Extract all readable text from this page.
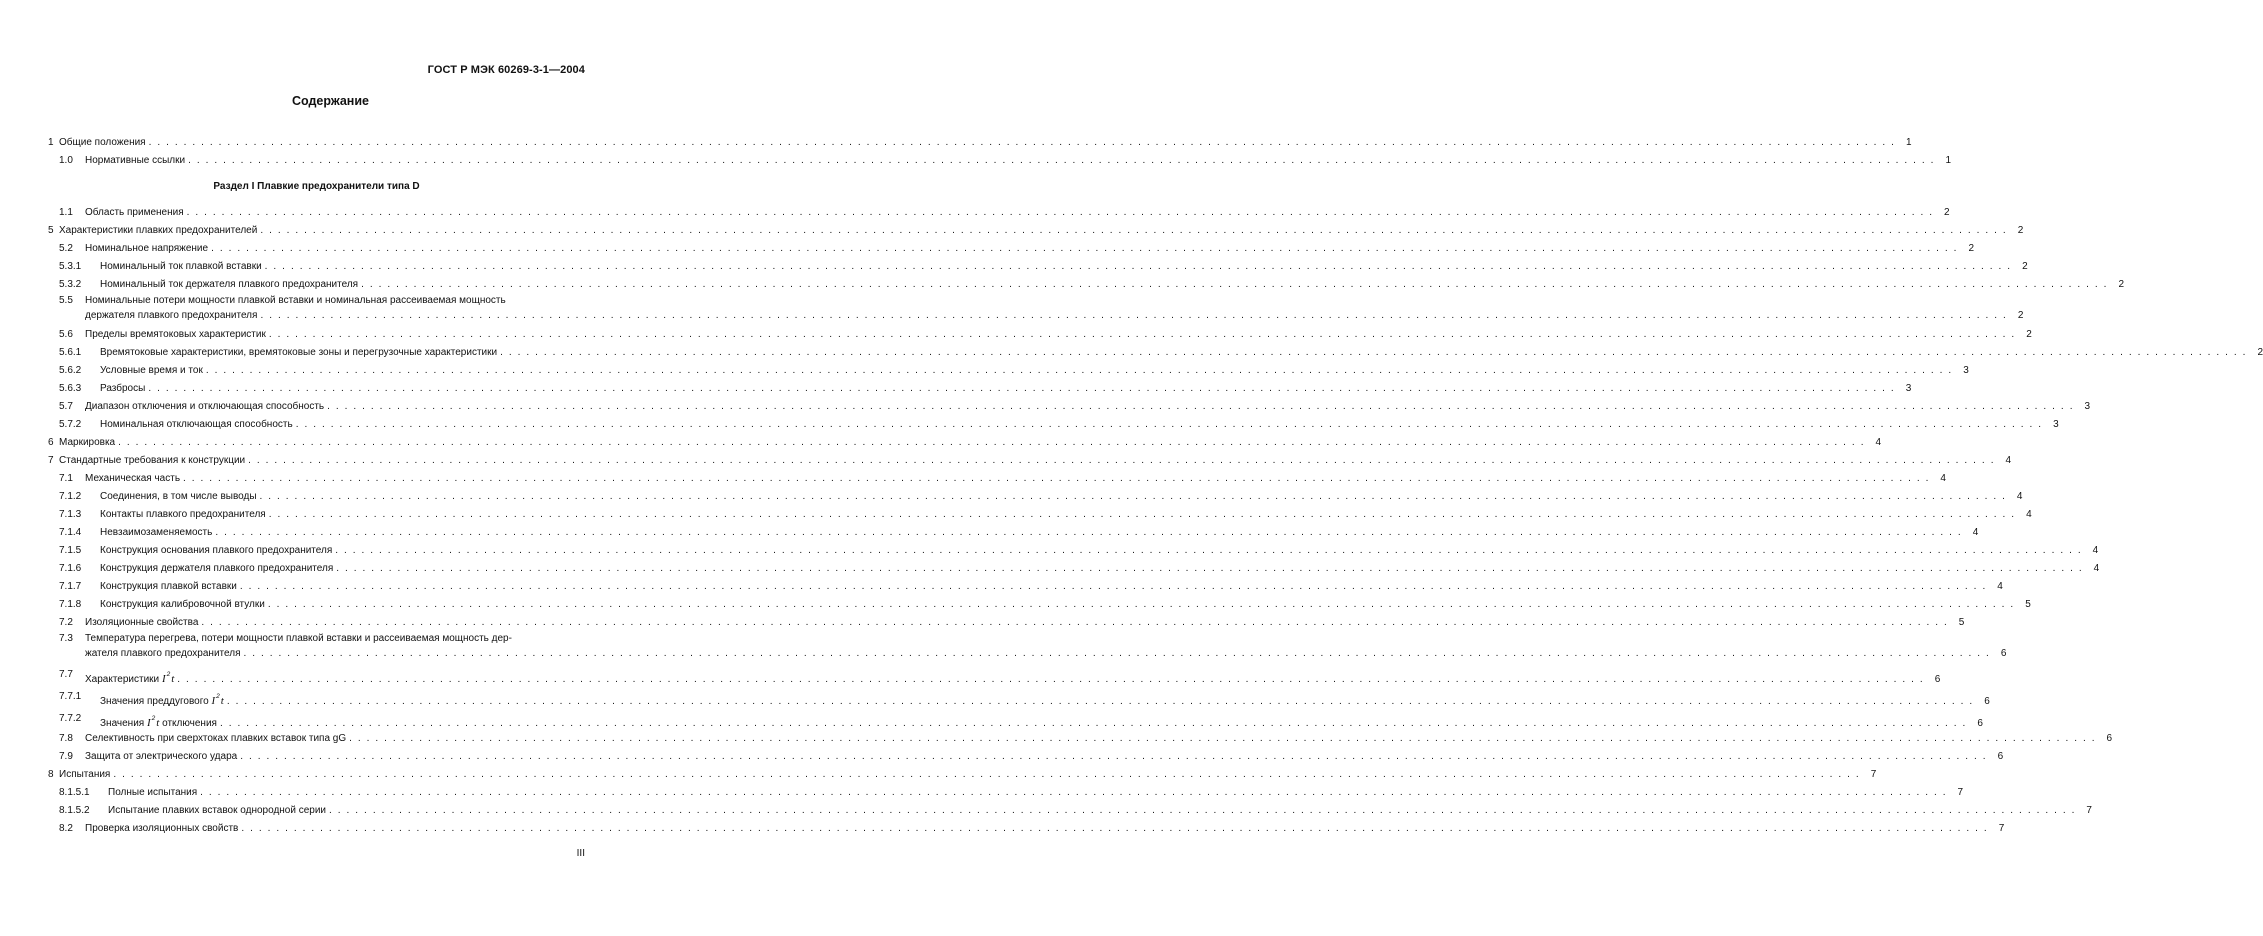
ГОСТ Р МЭК 60269-3-1—2004
Содержание
1 Общие положения . . . . . . . . . . . . . . . . . . . . . . . . . . . . . . . . . . . . . . . . . . . . . . . . . . . . . . . . . . . . . . . . . . . . . . . . . . . . . . . . . . . . . . . . . . . . . . . . . . . . . . . . . . . . . . . . . . . . . . . . . . . . . . . . . . . . . . . . . . . . . . . . . . . . . . . . . . . . . . . . . . . . . . . . . . . . . . . . . . . . . . . . . . . . . . . . . . . . . . . .	1
1.0 Нормативные ссылки . . . . . . . . . . . . . . . . . . . . . . . . . . . . . . . . . . . . . . . . . . . . . . . . . . . . . . . . . . . . . . . . . . . . . . . . . . . . . . . . . . . . . . . . . . . . . . . . . . . . . . . . . . . . . . . . . . . . . . . . . . . . . . . . . . . . . . . . . . . . . . . . . . . . . . . . . . . . . . . . . . . . . . . . . . . . . . . . . . . . . . . . . . . . . . . . . . . . . . . .	1
Раздел I Плавкие предохранители типа D
1.1 Область применения . . . . . . . . . . . . . . . . . . . . . . . . . . . . . . . . . . . . . . . . . . . . . . . . . . . . . . . . . . . . . . . . . . . . . . . . . . . . . . . . . . . . . . . . . . . . . . . . . . . . . . . . . . . . . . . . . . . . . . . . . . . . . . . . . . . . . . . . . . . . . . . . . . . . . . . . . . . . . . . . . . . . . . . . . . . . . . . . . . . . . . . . . . . . . . . . . . . . . . . .	2
5 Характеристики плавких предохранителей . . . . . . . . . . . . . . . . . . . . . . . . . . . . . . . . . . . . . . . . . . . . . . . . . . . . . . . . . . . . . . . . . . . . . . . . . . . . . . . . . . . . . . . . . . . . . . . . . . . . . . . . . . . . . . . . . . . . . . . . . . . . . . . . . . . . . . . . . . . . . . . . . . . . . . . . . . . . . . . . . . . . . . . . . . . . . . . . . . . . . . . . . . . . . . . . . . . . . . . .	2
5.2 Номинальное напряжение . . . . . . . . . . . . . . . . . . . . . . . . . . . . . . . . . . . . . . . . . . . . . . . . . . . . . . . . . . . . . . . . . . . . . . . . . . . . . . . . . . . . . . . . . . . . . . . . . . . . . . . . . . . . . . . . . . . . . . . . . . . . . . . . . . . . . . . . . . . . . . . . . . . . . . . . . . . . . . . . . . . . . . . . . . . . . . . . . . . . . . . . . . . . . . . . . . . . . . . .	2
5.3.1 Номинальный ток плавкой вставки . . . . . . . . . . . . . . . . . . . . . . . . . . . . . . . . . . . . . . . . . . . . . . . . . . . . . . . . . . . . . . . . . . . . . . . . . . . . . . . . . . . . . . . . . . . . . . . . . . . . . . . . . . . . . . . . . . . . . . . . . . . . . . . . . . . . . . . . . . . . . . . . . . . . . . . . . . . . . . . . . . . . . . . . . . . . . . . . . . . . . . . . . . . . . . . . . . . . . . . .	2
5.3.2 Номинальный ток держателя плавкого предохранителя . . . . . . . . . . . . . . . . . . . . . . . . . . . . . . . . . . . . . . . . . . . . . . . . . . . . . . . . . . . . . . . . . . . . . . . . . . . . . . . . . . . . . . . . . . . . . . . . . . . . . . . . . . . . . . . . . . . . . . . . . . . . . . . . . . . . . . . . . . . . . . . . . . . . . . . . . . . . . . . . . . . . . . . . . . . . . . . . . . . . . . . . . . . . . . . . . . . . . . . .	2
5.5 Номинальные потери мощности плавкой вставки и номинальная рассеиваемая мощность
держателя плавкого предохранителя . . . . . . . . . . . . . . . . . . . . . . . . . . . . . . . . . . . . . . . . . . . . . . . . . . . . . . . . . . . . . . . . . . . . . . . . . . . . . . . . . . . . . . . . . . . . . . . . . . . . . . . . . . . . . . . . . . . . . . . . . . . . . . . . . . . . . . . . . . . . . . . . . . . . . . . . . . . . . . . . . . . . . . . . . . . . . . . . . . . . . . . . . . . . . . . . . . . . . . . .	2
5.6 Пределы времятоковых характеристик . . . . . . . . . . . . . . . . . . . . . . . . . . . . . . . . . . . . . . . . . . . . . . . . . . . . . . . . . . . . . . . . . . . . . . . . . . . . . . . . . . . . . . . . . . . . . . . . . . . . . . . . . . . . . . . . . . . . . . . . . . . . . . . . . . . . . . . . . . . . . . . . . . . . . . . . . . . . . . . . . . . . . . . . . . . . . . . . . . . . . . . . . . . . . . . . . . . . . . . .	2
5.6.1 Времятоковые характеристики, времятоковые зоны и перегрузочные характеристики . . . . . . . . . . . . . . . . . . . . . . . . . . . . . . . . . . . . . . . . . . . . . . . . . . . . . . . . . . . . . . . . . . . . . . . . . . . . . . . . . . . . . . . . . . . . . . . . . . . . . . . . . . . . . . . . . . . . . . . . . . . . . . . . . . . . . . . . . . . . . . . . . . . . . . . . . . . . . . . . . . . . . . . . . . . . . . . . . . . . . . . . . . . . . . . . . . . . . . . .	2
5.6.2 Условные время и ток . . . . . . . . . . . . . . . . . . . . . . . . . . . . . . . . . . . . . . . . . . . . . . . . . . . . . . . . . . . . . . . . . . . . . . . . . . . . . . . . . . . . . . . . . . . . . . . . . . . . . . . . . . . . . . . . . . . . . . . . . . . . . . . . . . . . . . . . . . . . . . . . . . . . . . . . . . . . . . . . . . . . . . . . . . . . . . . . . . . . . . . . . . . . . . . . . . . . . . . .	3
5.6.3 Разбросы . . . . . . . . . . . . . . . . . . . . . . . . . . . . . . . . . . . . . . . . . . . . . . . . . . . . . . . . . . . . . . . . . . . . . . . . . . . . . . . . . . . . . . . . . . . . . . . . . . . . . . . . . . . . . . . . . . . . . . . . . . . . . . . . . . . . . . . . . . . . . . . . . . . . . . . . . . . . . . . . . . . . . . . . . . . . . . . . . . . . . . . . . . . . . . . . . . . . . . . .	3
5.7 Диапазон отключения и отключающая способность . . . . . . . . . . . . . . . . . . . . . . . . . . . . . . . . . . . . . . . . . . . . . . . . . . . . . . . . . . . . . . . . . . . . . . . . . . . . . . . . . . . . . . . . . . . . . . . . . . . . . . . . . . . . . . . . . . . . . . . . . . . . . . . . . . . . . . . . . . . . . . . . . . . . . . . . . . . . . . . . . . . . . . . . . . . . . . . . . . . . . . . . . . . . . . . . . . . . . . . .	3
5.7.2 Номинальная отключающая способность . . . . . . . . . . . . . . . . . . . . . . . . . . . . . . . . . . . . . . . . . . . . . . . . . . . . . . . . . . . . . . . . . . . . . . . . . . . . . . . . . . . . . . . . . . . . . . . . . . . . . . . . . . . . . . . . . . . . . . . . . . . . . . . . . . . . . . . . . . . . . . . . . . . . . . . . . . . . . . . . . . . . . . . . . . . . . . . . . . . . . . . . . . . . . . . . . . . . . . . .	3
6 Маркировка . . . . . . . . . . . . . . . . . . . . . . . . . . . . . . . . . . . . . . . . . . . . . . . . . . . . . . . . . . . . . . . . . . . . . . . . . . . . . . . . . . . . . . . . . . . . . . . . . . . . . . . . . . . . . . . . . . . . . . . . . . . . . . . . . . . . . . . . . . . . . . . . . . . . . . . . . . . . . . . . . . . . . . . . . . . . . . . . . . . . . . . . . . . . . . . . . . . . . . . .	4
7 Стандартные требования к конструкции . . . . . . . . . . . . . . . . . . . . . . . . . . . . . . . . . . . . . . . . . . . . . . . . . . . . . . . . . . . . . . . . . . . . . . . . . . . . . . . . . . . . . . . . . . . . . . . . . . . . . . . . . . . . . . . . . . . . . . . . . . . . . . . . . . . . . . . . . . . . . . . . . . . . . . . . . . . . . . . . . . . . . . . . . . . . . . . . . . . . . . . . . . . . . . . . . . . . . . . .	4
7.1 Механическая часть . . . . . . . . . . . . . . . . . . . . . . . . . . . . . . . . . . . . . . . . . . . . . . . . . . . . . . . . . . . . . . . . . . . . . . . . . . . . . . . . . . . . . . . . . . . . . . . . . . . . . . . . . . . . . . . . . . . . . . . . . . . . . . . . . . . . . . . . . . . . . . . . . . . . . . . . . . . . . . . . . . . . . . . . . . . . . . . . . . . . . . . . . . . . . . . . . . . . . . . .	4
7.1.2 Соединения, в том числе выводы . . . . . . . . . . . . . . . . . . . . . . . . . . . . . . . . . . . . . . . . . . . . . . . . . . . . . . . . . . . . . . . . . . . . . . . . . . . . . . . . . . . . . . . . . . . . . . . . . . . . . . . . . . . . . . . . . . . . . . . . . . . . . . . . . . . . . . . . . . . . . . . . . . . . . . . . . . . . . . . . . . . . . . . . . . . . . . . . . . . . . . . . . . . . . . . . . . . . . . . .	4
7.1.3 Контакты плавкого предохранителя . . . . . . . . . . . . . . . . . . . . . . . . . . . . . . . . . . . . . . . . . . . . . . . . . . . . . . . . . . . . . . . . . . . . . . . . . . . . . . . . . . . . . . . . . . . . . . . . . . . . . . . . . . . . . . . . . . . . . . . . . . . . . . . . . . . . . . . . . . . . . . . . . . . . . . . . . . . . . . . . . . . . . . . . . . . . . . . . . . . . . . . . . . . . . . . . . . . . . . . .	4
7.1.4 Невзаимозаменяемость . . . . . . . . . . . . . . . . . . . . . . . . . . . . . . . . . . . . . . . . . . . . . . . . . . . . . . . . . . . . . . . . . . . . . . . . . . . . . . . . . . . . . . . . . . . . . . . . . . . . . . . . . . . . . . . . . . . . . . . . . . . . . . . . . . . . . . . . . . . . . . . . . . . . . . . . . . . . . . . . . . . . . . . . . . . . . . . . . . . . . . . . . . . . . . . . . . . . . . . .	4
7.1.5 Конструкция основания плавкого предохранителя . . . . . . . . . . . . . . . . . . . . . . . . . . . . . . . . . . . . . . . . . . . . . . . . . . . . . . . . . . . . . . . . . . . . . . . . . . . . . . . . . . . . . . . . . . . . . . . . . . . . . . . . . . . . . . . . . . . . . . . . . . . . . . . . . . . . . . . . . . . . . . . . . . . . . . . . . . . . . . . . . . . . . . . . . . . . . . . . . . . . . . . . . . . . . . . . . . . . . . . .	4
7.1.6 Конструкция держателя плавкого предохранителя . . . . . . . . . . . . . . . . . . . . . . . . . . . . . . . . . . . . . . . . . . . . . . . . . . . . . . . . . . . . . . . . . . . . . . . . . . . . . . . . . . . . . . . . . . . . . . . . . . . . . . . . . . . . . . . . . . . . . . . . . . . . . . . . . . . . . . . . . . . . . . . . . . . . . . . . . . . . . . . . . . . . . . . . . . . . . . . . . . . . . . . . . . . . . . . . . . . . . . . .	4
7.1.7 Конструкция плавкой вставки . . . . . . . . . . . . . . . . . . . . . . . . . . . . . . . . . . . . . . . . . . . . . . . . . . . . . . . . . . . . . . . . . . . . . . . . . . . . . . . . . . . . . . . . . . . . . . . . . . . . . . . . . . . . . . . . . . . . . . . . . . . . . . . . . . . . . . . . . . . . . . . . . . . . . . . . . . . . . . . . . . . . . . . . . . . . . . . . . . . . . . . . . . . . . . . . . . . . . . . .	4
7.1.8 Конструкция калибровочной втулки . . . . . . . . . . . . . . . . . . . . . . . . . . . . . . . . . . . . . . . . . . . . . . . . . . . . . . . . . . . . . . . . . . . . . . . . . . . . . . . . . . . . . . . . . . . . . . . . . . . . . . . . . . . . . . . . . . . . . . . . . . . . . . . . . . . . . . . . . . . . . . . . . . . . . . . . . . . . . . . . . . . . . . . . . . . . . . . . . . . . . . . . . . . . . . . . . . . . . . . .	5
7.2 Изоляционные свойства . . . . . . . . . . . . . . . . . . . . . . . . . . . . . . . . . . . . . . . . . . . . . . . . . . . . . . . . . . . . . . . . . . . . . . . . . . . . . . . . . . . . . . . . . . . . . . . . . . . . . . . . . . . . . . . . . . . . . . . . . . . . . . . . . . . . . . . . . . . . . . . . . . . . . . . . . . . . . . . . . . . . . . . . . . . . . . . . . . . . . . . . . . . . . . . . . . . . . . . .	5
7.3 Температура перегрева, потери мощности плавкой вставки и рассеиваемая мощность дер-
жателя плавкого предохранителя . . . . . . . . . . . . . . . . . . . . . . . . . . . . . . . . . . . . . . . . . . . . . . . . . . . . . . . . . . . . . . . . . . . . . . . . . . . . . . . . . . . . . . . . . . . . . . . . . . . . . . . . . . . . . . . . . . . . . . . . . . . . . . . . . . . . . . . . . . . . . . . . . . . . . . . . . . . . . . . . . . . . . . . . . . . . . . . . . . . . . . . . . . . . . . . . . . . . . . . .	6
7.7 Характеристики $I^2t$ . . . . . . . . . . . . . . . . . . . . . . . . . . . . . . . . . . . . . . . . . . . . . . . . . . . . . . . . . . . . . . . . . . . . . . . . . . . . . . . . . . . . . . . . . . . . . . . . . . . . . . . . . . . . . . . . . . . . . . . . . . . . . . . . . . . . . . . . . . . . . . . . . . . . . . . . . . . . . . . . . . . . . . . . . . . . . . . . . . . . . . . . . . . . . . . . . . . . . . . .	6
7.7.1 Значения преддугового $I^2t$ . . . . . . . . . . . . . . . . . . . . . . . . . . . . . . . . . . . . . . . . . . . . . . . . . . . . . . . . . . . . . . . . . . . . . . . . . . . . . . . . . . . . . . . . . . . . . . . . . . . . . . . . . . . . . . . . . . . . . . . . . . . . . . . . . . . . . . . . . . . . . . . . . . . . . . . . . . . . . . . . . . . . . . . . . . . . . . . . . . . . . . . . . . . . . . . . . . . . . . . .	6
7.7.2 Значения $I^2t$ отключения . . . . . . . . . . . . . . . . . . . . . . . . . . . . . . . . . . . . . . . . . . . . . . . . . . . . . . . . . . . . . . . . . . . . . . . . . . . . . . . . . . . . . . . . . . . . . . . . . . . . . . . . . . . . . . . . . . . . . . . . . . . . . . . . . . . . . . . . . . . . . . . . . . . . . . . . . . . . . . . . . . . . . . . . . . . . . . . . . . . . . . . . . . . . . . . . . . . . . . . .	6
7.8 Селективность при сверхтоках плавких вставок типа gG . . . . . . . . . . . . . . . . . . . . . . . . . . . . . . . . . . . . . . . . . . . . . . . . . . . . . . . . . . . . . . . . . . . . . . . . . . . . . . . . . . . . . . . . . . . . . . . . . . . . . . . . . . . . . . . . . . . . . . . . . . . . . . . . . . . . . . . . . . . . . . . . . . . . . . . . . . . . . . . . . . . . . . . . . . . . . . . . . . . . . . . . . . . . . . . . . . . . . . . .	6
7.9 Защита от электрического удара . . . . . . . . . . . . . . . . . . . . . . . . . . . . . . . . . . . . . . . . . . . . . . . . . . . . . . . . . . . . . . . . . . . . . . . . . . . . . . . . . . . . . . . . . . . . . . . . . . . . . . . . . . . . . . . . . . . . . . . . . . . . . . . . . . . . . . . . . . . . . . . . . . . . . . . . . . . . . . . . . . . . . . . . . . . . . . . . . . . . . . . . . . . . . . . . . . . . . . . .	6
8 Испытания . . . . . . . . . . . . . . . . . . . . . . . . . . . . . . . . . . . . . . . . . . . . . . . . . . . . . . . . . . . . . . . . . . . . . . . . . . . . . . . . . . . . . . . . . . . . . . . . . . . . . . . . . . . . . . . . . . . . . . . . . . . . . . . . . . . . . . . . . . . . . . . . . . . . . . . . . . . . . . . . . . . . . . . . . . . . . . . . . . . . . . . . . . . . . . . . . . . . . . . .	7
8.1.5.1 Полные испытания . . . . . . . . . . . . . . . . . . . . . . . . . . . . . . . . . . . . . . . . . . . . . . . . . . . . . . . . . . . . . . . . . . . . . . . . . . . . . . . . . . . . . . . . . . . . . . . . . . . . . . . . . . . . . . . . . . . . . . . . . . . . . . . . . . . . . . . . . . . . . . . . . . . . . . . . . . . . . . . . . . . . . . . . . . . . . . . . . . . . . . . . . . . . . . . . . . . . . . . .	7
8.1.5.2 Испытание плавких вставок однородной серии . . . . . . . . . . . . . . . . . . . . . . . . . . . . . . . . . . . . . . . . . . . . . . . . . . . . . . . . . . . . . . . . . . . . . . . . . . . . . . . . . . . . . . . . . . . . . . . . . . . . . . . . . . . . . . . . . . . . . . . . . . . . . . . . . . . . . . . . . . . . . . . . . . . . . . . . . . . . . . . . . . . . . . . . . . . . . . . . . . . . . . . . . . . . . . . . . . . . . . . .	7
8.2 Проверка изоляционных свойств . . . . . . . . . . . . . . . . . . . . . . . . . . . . . . . . . . . . . . . . . . . . . . . . . . . . . . . . . . . . . . . . . . . . . . . . . . . . . . . . . . . . . . . . . . . . . . . . . . . . . . . . . . . . . . . . . . . . . . . . . . . . . . . . . . . . . . . . . . . . . . . . . . . . . . . . . . . . . . . . . . . . . . . . . . . . . . . . . . . . . . . . . . . . . . . . . . . . . . . .	7
III
